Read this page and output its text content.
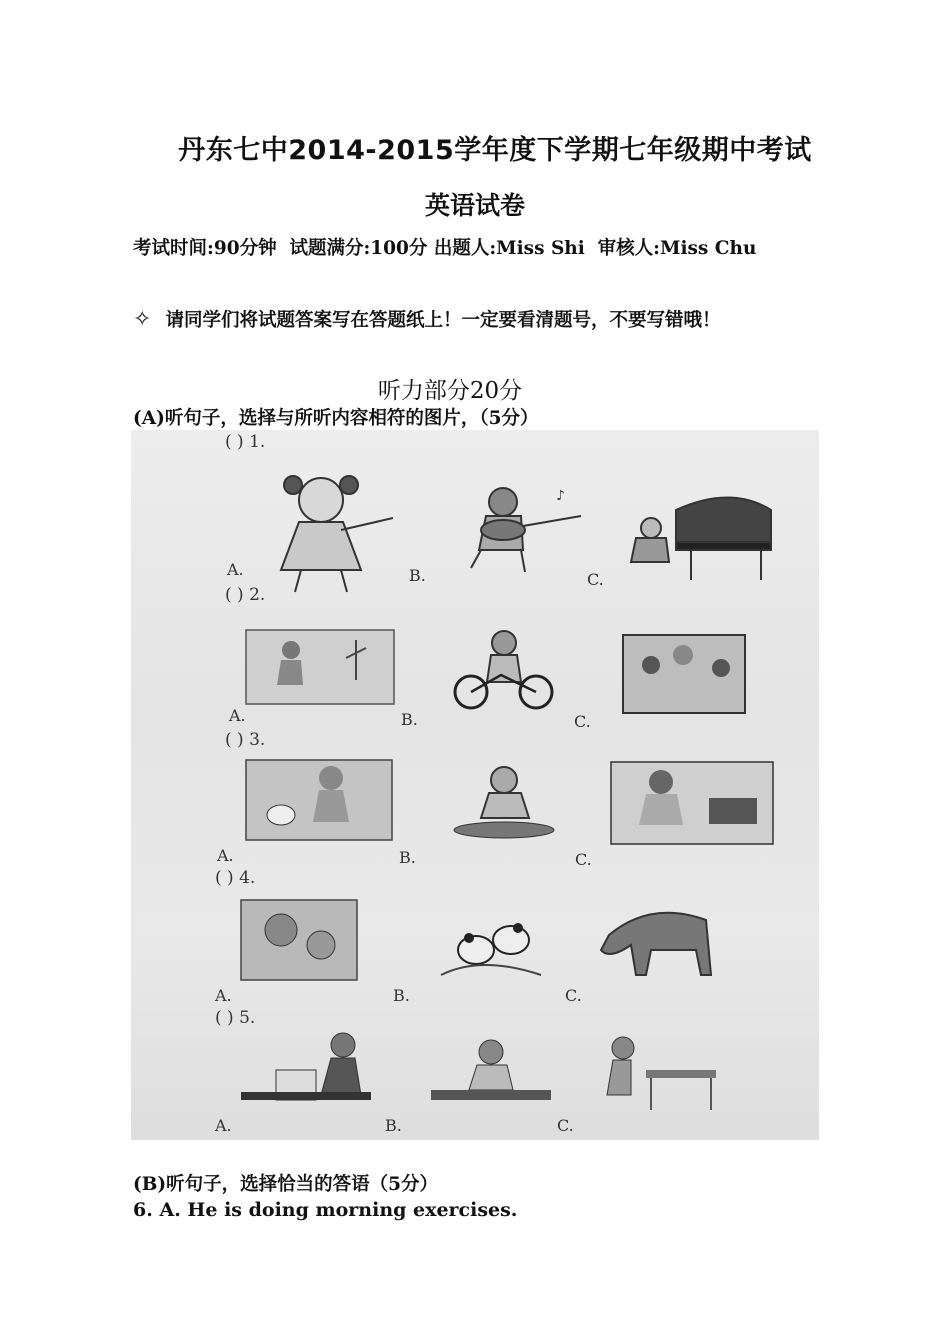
丹东七中2014-2015学年度下学期七年级期中考试
英语试卷
考试时间:90分钟  试题满分:100分 出题人:Miss Shi  审核人:Miss Chu
✧ 请同学们将试题答案写在答题纸上！一定要看清题号，不要写错哦！
听力部分20分
(A)听句子，选择与所听内容相符的图片，（5分）
( ) 1.
♪
A.	B.	C.
( ) 2.
A.	B.	C.
( ) 3.
A.	B.	C.
( ) 4.
A.	B.	C.
( ) 5.
A.	B.	C.
(B)听句子，选择恰当的答语（5分）
6. A. He is doing morning exercises.
